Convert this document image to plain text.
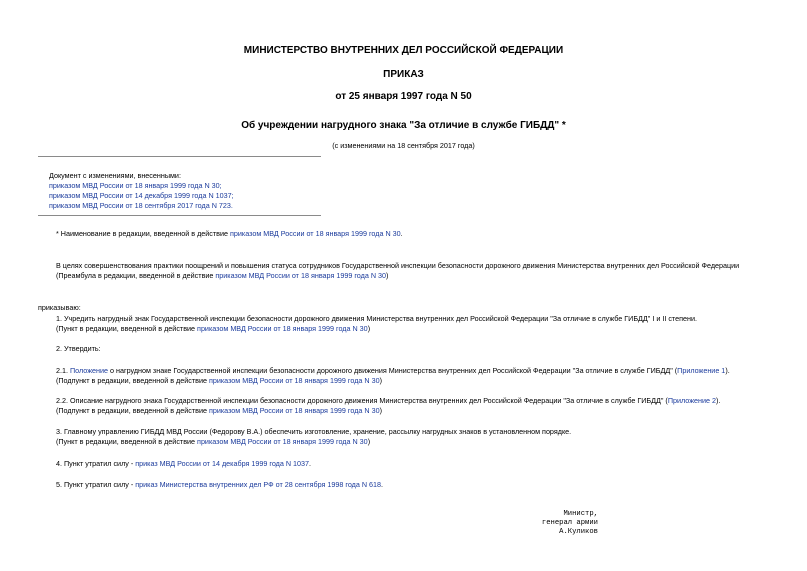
МИНИСТЕРСТВО ВНУТРЕННИХ ДЕЛ РОССИЙСКОЙ ФЕДЕРАЦИИ
ПРИКАЗ
от 25 января 1997 года N 50
Об учреждении нагрудного знака "За отличие в службе ГИБДД" *
(с изменениями на 18 сентября 2017 года)
Документ с изменениями, внесенными:
приказом МВД России от 18 января 1999 года N 30;
приказом МВД России от 14 декабря 1999 года N 1037;
приказом МВД России от 18 сентября 2017 года N 723.
* Наименование в редакции, введенной в действие приказом МВД России от 18 января 1999 года N 30.
В целях совершенствования практики поощрений и повышения статуса сотрудников Государственной инспекции безопасности дорожного движения Министерства внутренних дел Российской Федерации
(Преамбула в редакции, введенной в действие приказом МВД России от 18 января 1999 года N 30)
приказываю:
1. Учредить нагрудный знак Государственной инспекции безопасности дорожного движения Министерства внутренних дел Российской Федерации "За отличие в службе ГИБДД" I и II степени.
(Пункт в редакции, введенной в действие приказом МВД России от 18 января 1999 года N 30)
2. Утвердить:
2.1. Положение о нагрудном знаке Государственной инспекции безопасности дорожного движения Министерства внутренних дел Российской Федерации "За отличие в службе ГИБДД" (Приложение 1).
(Подпункт в редакции, введенной в действие приказом МВД России от 18 января 1999 года N 30)
2.2. Описание нагрудного знака Государственной инспекции безопасности дорожного движения Министерства внутренних дел Российской Федерации "За отличие в службе ГИБДД" (Приложение 2).
(Подпункт в редакции, введенной в действие приказом МВД России от 18 января 1999 года N 30)
3. Главному управлению ГИБДД МВД России (Федорову В.А.) обеспечить изготовление, хранение, рассылку нагрудных знаков в установленном порядке.
(Пункт в редакции, введенной в действие приказом МВД России от 18 января 1999 года N 30)
4. Пункт утратил силу - приказ МВД России от 14 декабря 1999 года N 1037.
5. Пункт утратил силу - приказ Министерства внутренних дел РФ от 28 сентября 1998 года N 618.
Министр,
генерал армии
А.Куликов
